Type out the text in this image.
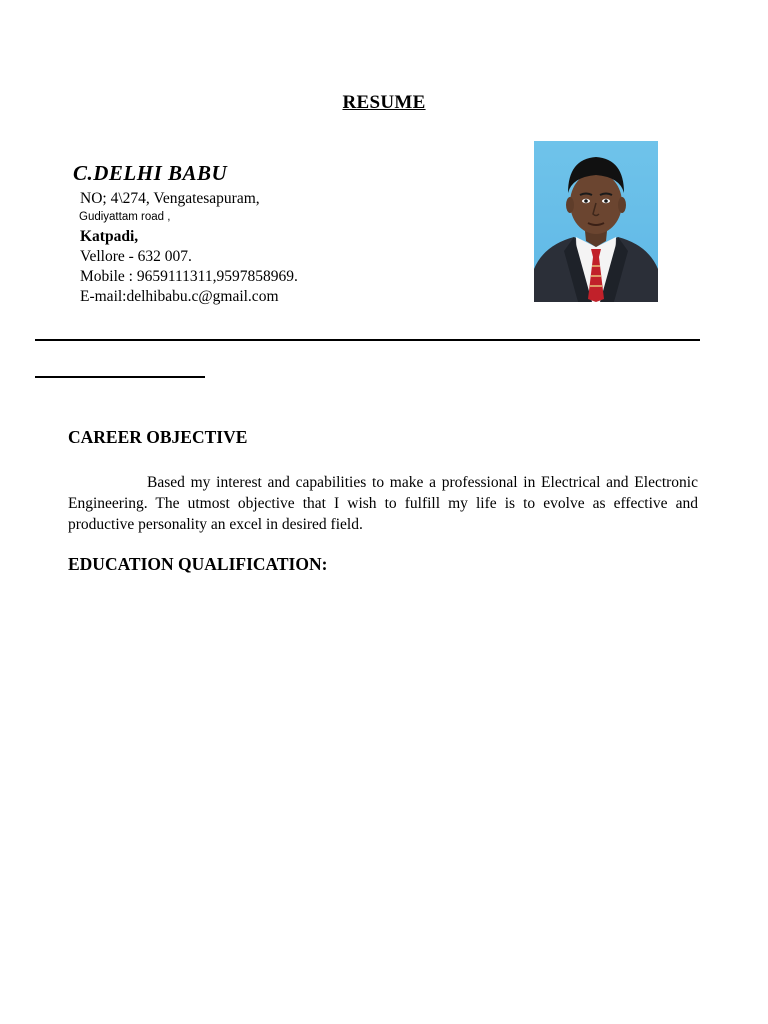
RESUME
C.DELHI BABU
NO; 4\274, Vengatesapuram,
Gudiyattam road ,
Katpadi,
Vellore - 632 007.
Mobile : 9659111311,9597858969.
E-mail:delhibabu.c@gmail.com
CAREER OBJECTIVE
Based my interest and capabilities to make a professional in Electrical and Electronic Engineering. The utmost objective that I wish to fulfill my life is to evolve as effective and productive personality an excel in desired field.
EDUCATION QUALIFICATION:
